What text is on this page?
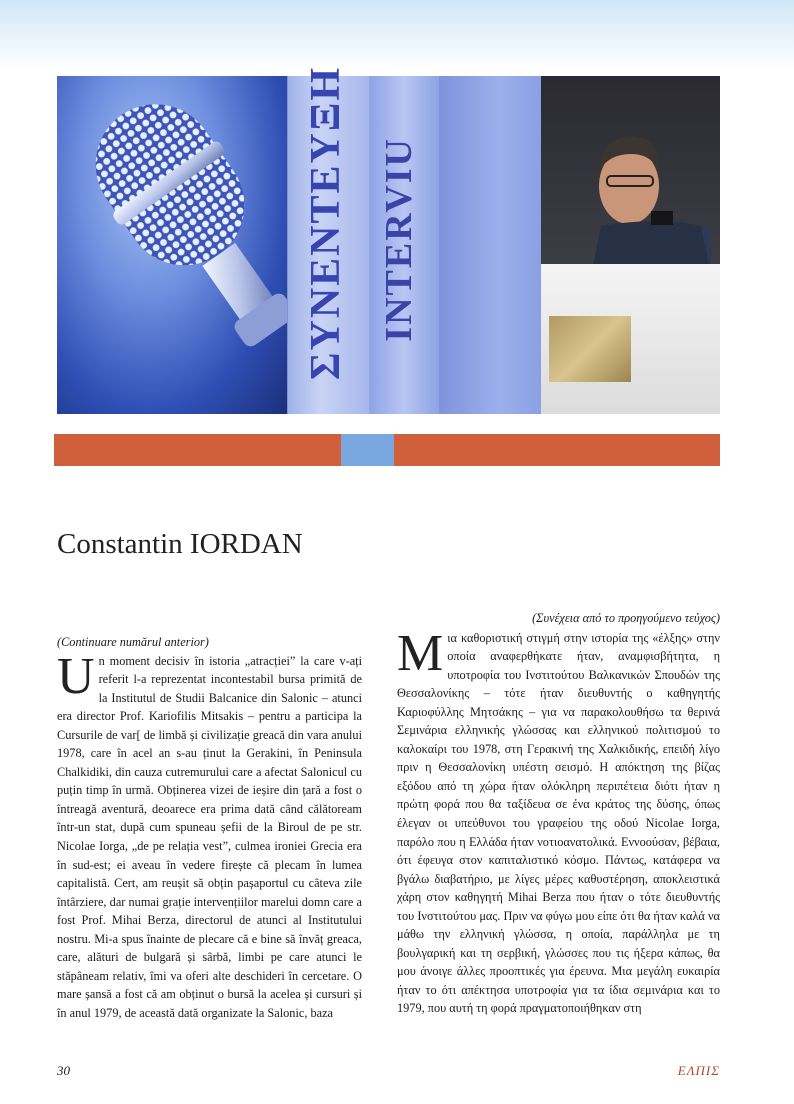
ΣΥΝΕΝΤΕΥΞΗ INTERVIU
Constantin IORDAN

(Continuare numărul anterior)

Un moment decisiv în istoria „atracției” la care v-ați referit l-a reprezentat incontestabil bursa primită de la Institutul de Studii Balcanice din Salonic – atunci era director Prof. Kariofilis Mitsakis – pentru a participa la Cursurile de var[ de limbă și civilizație greacă din vara anului 1978, care în acel an s-au ținut la Gerakini, în Peninsula Chalkidiki, din cauza cutremurului care a afectat Salonicul cu puțin timp în urmă. Obținerea vizei de ieșire din țară a fost o întreagă aventură, deoarece era prima dată când călătoream într-un stat, după cum spuneau șefii de la Biroul de pe str. Nicolae Iorga, „de pe relația vest”, culmea ironiei Grecia era în sud-est; ei aveau în vedere firește că plecam în lumea capitalistă. Cert, am reușit să obțin pașaportul cu câteva zile întârziere, dar numai grație intervențiilor marelui domn care a fost Prof. Mihai Berza, directorul de atunci al Institutului nostru. Mi-a spus înainte de plecare că e bine să învăț greaca, care, alături de bulgară și sârbă, limbi pe care atunci le stăpâneam relativ, îmi va oferi alte deschideri în cercetare. O mare șansă a fost că am obținut o bursă la acelea și cursuri și în anul 1979, de această dată organizate la Salonic, baza

(Συνέχεια από το προηγούμενο τεύχος)

Μια καθοριστική στιγμή στην ιστορία της «έλξης» στην οποία αναφερθήκατε ήταν, αναμφισβήτητα, η υποτροφία του Ινστιτούτου Βαλκανικών Σπουδών της Θεσσαλονίκης – τότε ήταν διευθυντής ο καθηγητής Καριοφύλλης Μητσάκης – για να παρακολουθήσω τα θερινά Σεμινάρια ελληνικής γλώσσας και ελληνικού πολιτισμού το καλοκαίρι του 1978, στη Γερακινή της Χαλκιδικής, επειδή λίγο πριν η Θεσσαλονίκη υπέστη σεισμό. Η απόκτηση της βίζας εξόδου από τη χώρα ήταν ολόκληρη περιπέτεια διότι ήταν η πρώτη φορά που θα ταξίδευα σε ένα κράτος της δύσης, όπως έλεγαν οι υπεύθυνοι του γραφείου της οδού Nicolae Iorga, παρόλο που η Ελλάδα ήταν νοτιοανατολικά. Εννοούσαν, βέβαια, ότι έφευγα στον καπιταλιστικό κόσμο. Πάντως, κατάφερα να βγάλω διαβατήριο, με λίγες μέρες καθυστέρηση, αποκλειστικά χάρη στον καθηγητή Mihai Berza που ήταν ο τότε διευθυντής του Ινστιτούτου μας. Πριν να φύγω μου είπε ότι θα ήταν καλά να μάθω την ελληνική γλώσσα, η οποία, παράλληλα με τη βουλγαρική και τη σερβική, γλώσσες που τις ήξερα κάπως, θα μου άνοιγε άλλες προοπτικές για έρευνα. Μια μεγάλη ευκαιρία ήταν το ότι απέκτησα υποτροφία για τα ίδια σεμινάρια και το 1979, που αυτή τη φορά πραγματοποιήθηκαν στη

30	ΕΛΠΙΣ
